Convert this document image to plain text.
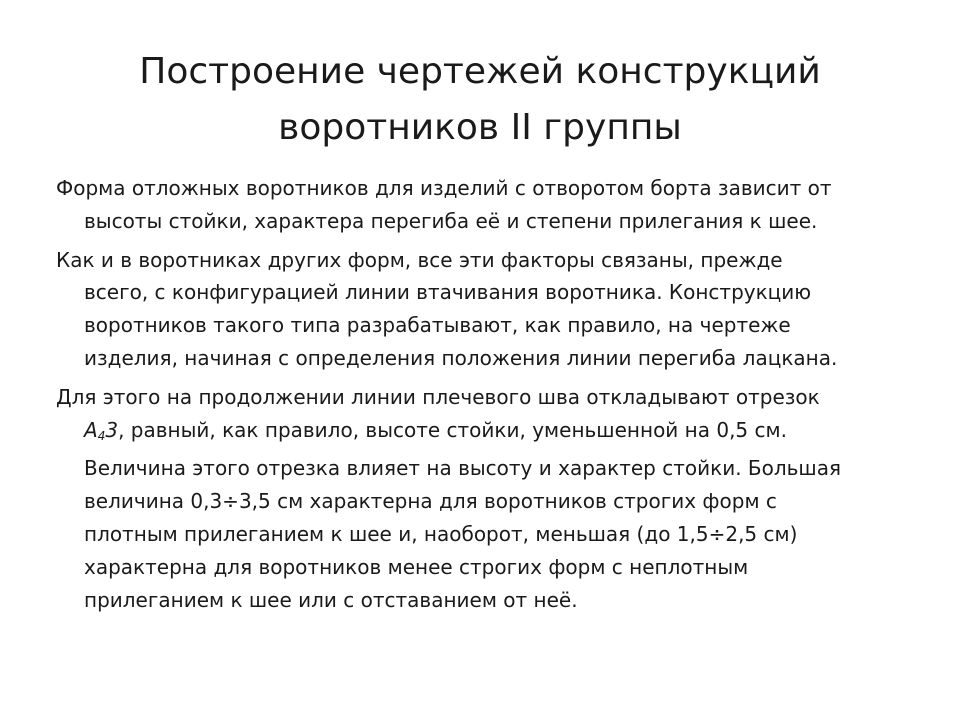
Построение чертежей конструкций
воротников II группы

Форма отложных воротников для изделий с отворотом борта зависит от
высоты стойки, характера перегиба её и степени прилегания к шее.

Как и в воротниках других форм, все эти факторы связаны, прежде
всего, с конфигурацией линии втачивания воротника. Конструкцию
воротников такого типа разрабатывают, как правило, на чертеже
изделия, начиная с определения положения линии перегиба лацкана.

Для этого на продолжении линии плечевого шва откладывают отрезок
А43, равный, как правило, высоте стойки, уменьшенной на 0,5 см.
Величина этого отрезка влияет на высоту и характер стойки. Большая
величина 0,3÷3,5 см характерна для воротников строгих форм с
плотным прилеганием к шее и, наоборот, меньшая (до 1,5÷2,5 см)
характерна для воротников менее строгих форм с неплотным
прилеганием к шее или с отставанием от неё.
